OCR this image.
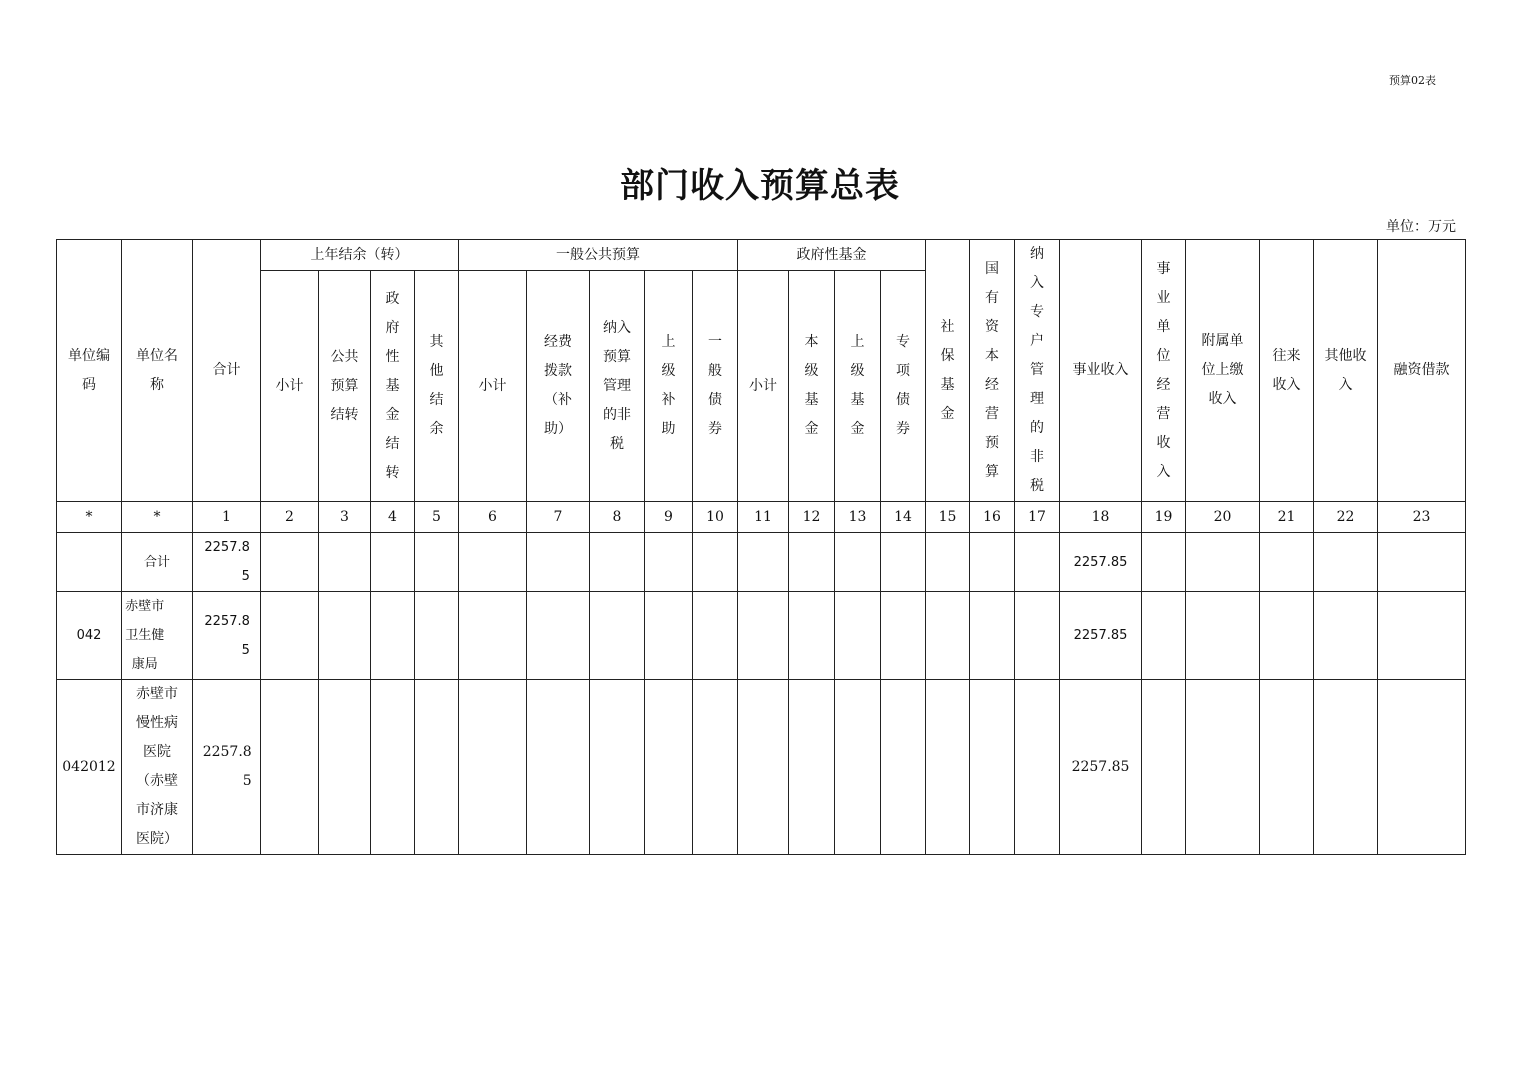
预算02表
部门收入预算总表
单位：万元
单位编码	单位名称	合计	上年结余（转）				一般公共预算					政府性基金				社保基金	国有资本经营预算	纳入专户管理的非税	事业收入	事业单位经营收入	附属单位上缴收入	往来收入	其他收入	融资借款
			小计	公共预算结转	政府性基金结转	其他结余	小计	经费拨款（补助）	纳入预算管理的非税	上级补助	一般债券	小计	本级基金	上级基金	专项债券									

*	*	1	2	3	4	5	6	7	8	9	10	11	12	13	14	15	16	17	18	19	20	21	22	23
	合计	2257.85																	2257.85					
042	赤壁市卫生健康局	2257.85																	2257.85					
042012	赤壁市慢性病医院（赤壁市济康医院）	2257.85																	2257.85					
